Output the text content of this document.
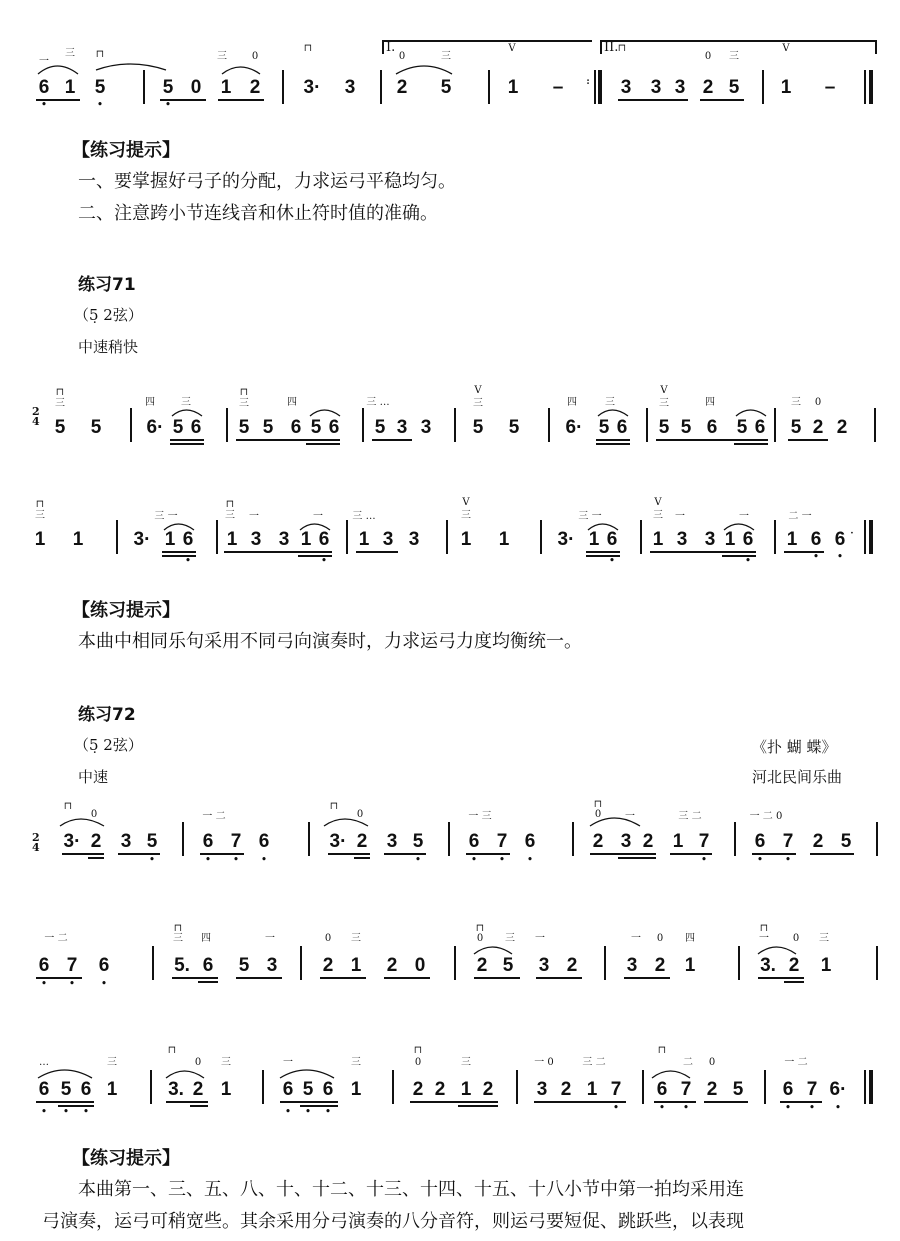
一
三 ⊓	三 0
⊓
0	三
V	⊓
0 三
V
I.	II.
6 1 5	5 0 1 2 3· 3 2 5	1 –	: 3 3 3 2 5 1 –
•	•	•
【练习提示】
一、要掌握好弓子的分配，力求运弓平稳均匀。
二、注意跨小节连线音和休止符时值的准确。
练习71
（5̣ 2弦）
中速稍快
2
4
⊓
三	四	三
⊓
三	四	三 …
V
三	四	三
V
三	四	三 0
5 5 6· 5 6 5 5 6 5 6 5 3 3 5 5 6· 5 6 5 5 6 5 6 5 2 2
⊓
三	三 一
⊓
三 一	一	三 …
V
三	三 一
V
三 一	一	二 一
1 1	3· 1 6 1 3 3 1 6 1 3 3 1 1	3· 1 6 1 3 3 1 6 1 6 6 ·
•	•	•	•	• •
【练习提示】
本曲中相同乐句采用不同弓向演奏时，力求运弓力度均衡统一。
练习72
（5̣ 2弦）
中速
《扑 蝴 蝶》
河北民间乐曲
2
4
⊓
0	一 二
⊓
0	一 三
⊓
0 一	三 二	一 二 0
3· 2 3 5 6 7 6	3· 2 3 5 6 7 6	2 3 2 1 7 6 7 2 5
•	• • •	•	• • •	•	• •
一 二
⊓
三 四	一	0 三
⊓
0 三 一	一 0 四
⊓
一 0 三
6 7 6	5. 6 5 3 2 1 2 0	2 5 3 2	3 2 1	3. 2 1
• •	•
…	三
⊓
0 三	一	三
⊓
0	三	一 0	三 二
⊓
二 0	一 二
6 5 6 1	3. 2 1	6 5 6 1	2 2 1 2 3 2 1 7 6 7 2 5 6 7 6·
• • •	• • •	•	• •	• • •
【练习提示】
本曲第一、三、五、八、十、十二、十三、十四、十五、十八小节中第一拍均采用连
弓演奏，运弓可稍宽些。其余采用分弓演奏的八分音符，则运弓要短促、跳跃些，以表现
